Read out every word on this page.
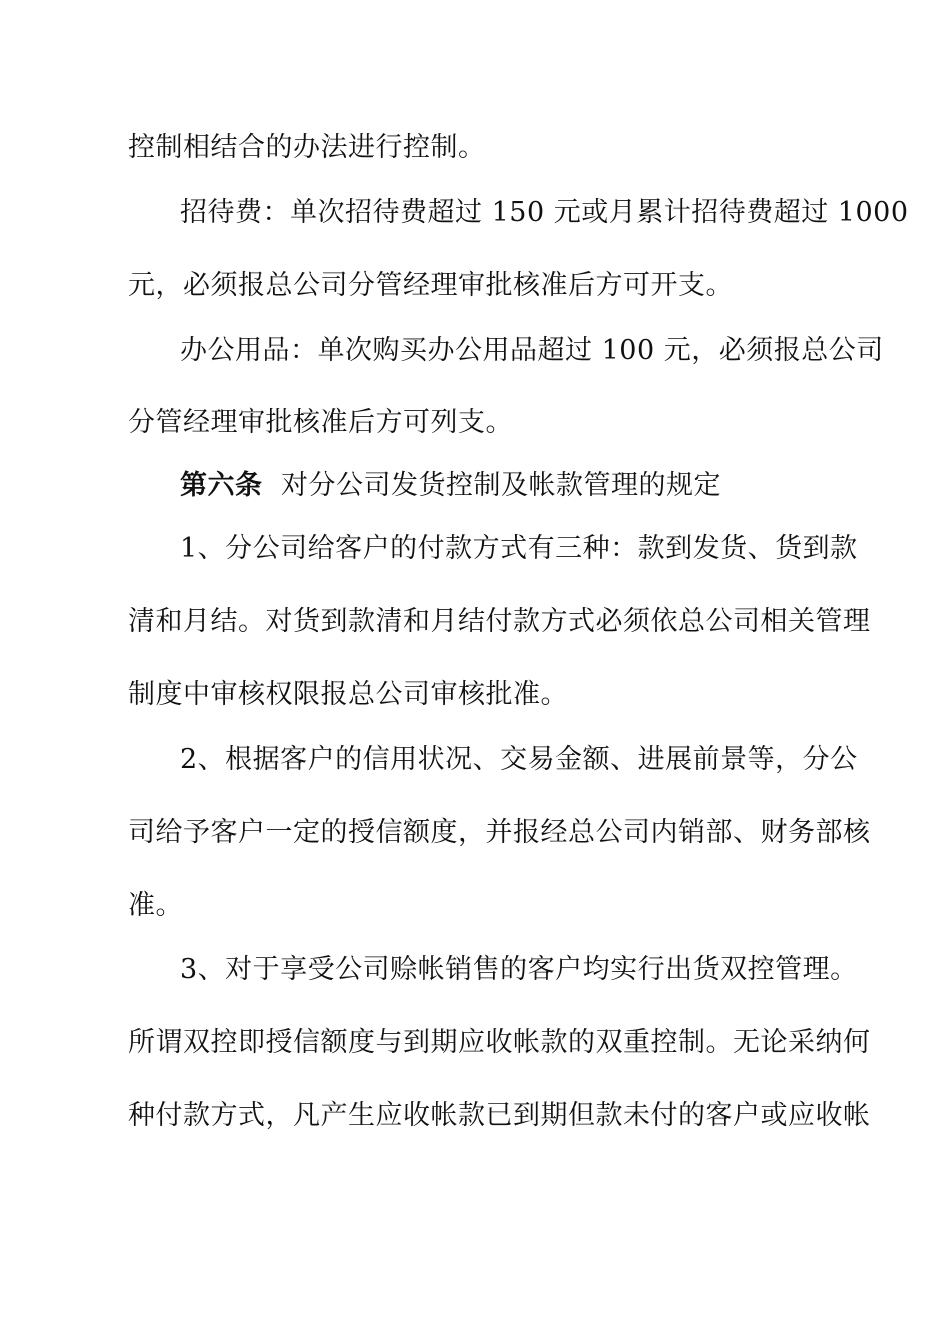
控制相结合的办法进行控制。
招待费：单次招待费超过 150 元或月累计招待费超过 1000
元，必须报总公司分管经理审批核准后方可开支。
办公用品：单次购买办公用品超过 100 元，必须报总公司
分管经理审批核准后方可列支。
第六条 对分公司发货控制及帐款管理的规定
1、分公司给客户的付款方式有三种：款到发货、货到款
清和月结。对货到款清和月结付款方式必须依总公司相关管理
制度中审核权限报总公司审核批准。
2、根据客户的信用状况、交易金额、进展前景等，分公
司给予客户一定的授信额度，并报经总公司内销部、财务部核
准。
3、对于享受公司赊帐销售的客户均实行出货双控管理。
所谓双控即授信额度与到期应收帐款的双重控制。无论采纳何
种付款方式，凡产生应收帐款已到期但款未付的客户或应收帐
